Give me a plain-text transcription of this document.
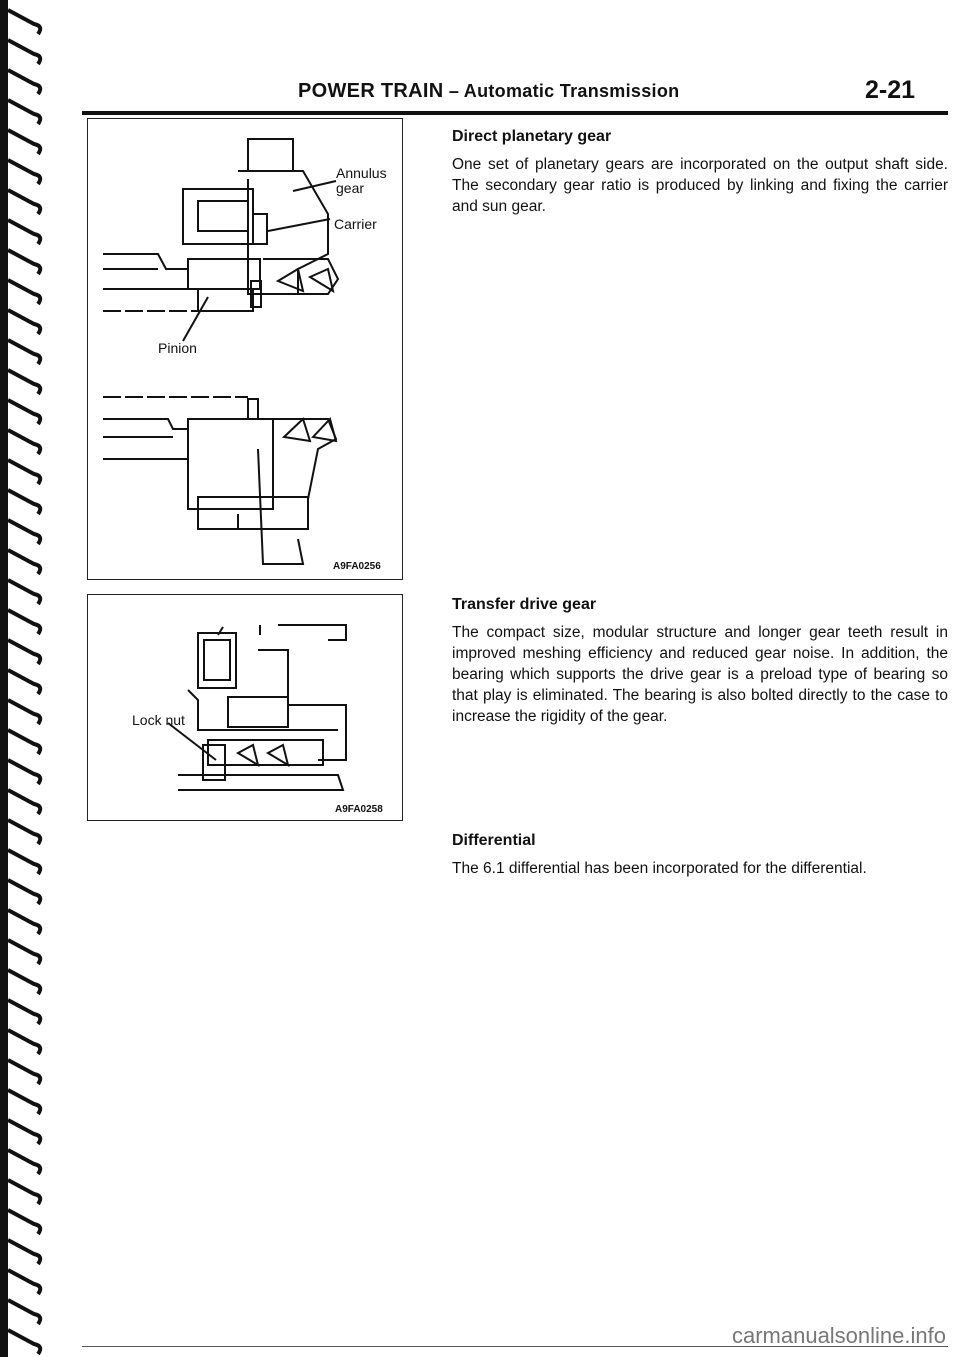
POWER TRAIN – Automatic Transmission	2-21
Annulus
gear
Carrier
Pinion
A9FA0256
Lock nut
A9FA0258
Direct planetary gear

One set of planetary gears are incorporated on the output shaft side. The secondary gear ratio is produced by linking and fixing the carrier and sun gear.

Transfer drive gear

The compact size, modular structure and longer gear teeth result in improved meshing efficiency and reduced gear noise. In addition, the bearing which supports the drive gear is a preload type of bearing so that play is eliminated. The bearing is also bolted directly to the case to increase the rigidity of the gear.

Differential

The 6.1 differential has been incorporated for the differential.

carmanualsonline.info
